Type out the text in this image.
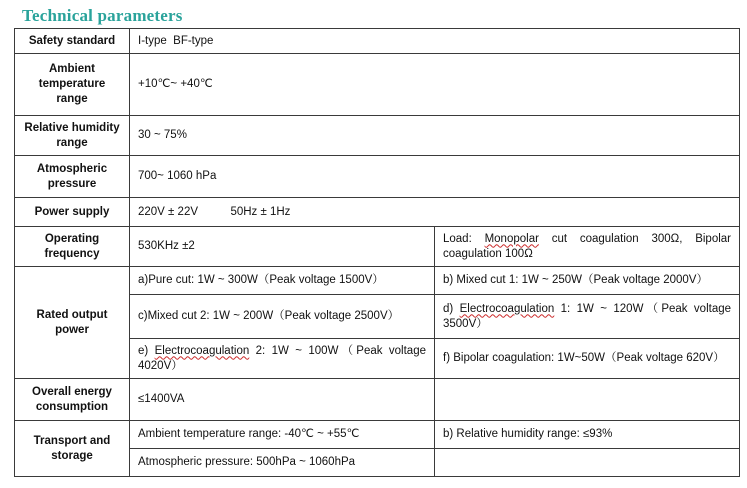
Technical parameters
Safety standard	I-type  BF-type	
Ambient temperature range	+10℃~ +40℃	
Relative humidity range	30 ~ 75%	
Atmospheric pressure	700~ 1060 hPa	
Power supply	220V ± 22V 50Hz ± 1Hz	
Operating frequency	530KHz ±2	Load: Monopolar cut coagulation 300Ω, Bipolar coagulation 100Ω
Rated output power	a)Pure cut: 1W ~ 300W（Peak voltage 1500V）	b) Mixed cut 1: 1W ~ 250W（Peak voltage 2000V）
	c)Mixed cut 2: 1W ~ 200W（Peak voltage 2500V）	d) Electrocoagulation 1: 1W ~ 120W（Peak voltage 3500V）
	e) Electrocoagulation 2: 1W ~ 100W（Peak voltage 4020V）	f) Bipolar coagulation: 1W~50W（Peak voltage 620V）
Overall energy consumption	≤1400VA	
Transport and storage	Ambient temperature range: -40℃ ~ +55℃	b) Relative humidity range: ≤93%
	Atmospheric pressure: 500hPa ~ 1060hPa	
